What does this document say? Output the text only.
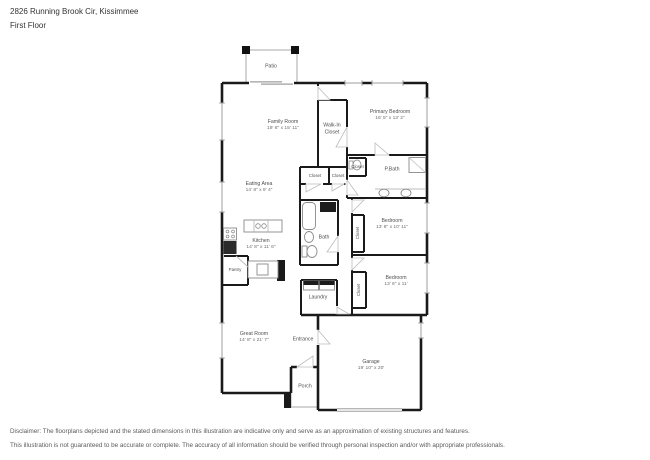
2826 Running Brook Cir, Kissimmee
First Floor
Patio
Family Room
19' 8" x 15' 11"	Walk-In Closet
Primary Bedroom
16' 5" x 13' 2"
Closet Closet
Eating Area
14' 8" x 9' 4"
P.Bath
Closet
Bath	Closet
Bedroom
13' 8" x 10' 11"
Kitchen
14' 8" x 11' 6"
Pantry
Bedroom
13' 6" x 11'
Closet
Laundry
Great Room
14' 8" x 21' 7"	Entrance
Porch
Garage
19' 10" x 20'
Disclaimer: The floorplans depicted and the stated dimensions in this illustration are indicative only and serve as an approximation of existing structures and features.
This illustration is not guaranteed to be accurate or complete. The accuracy of all information should be verified through personal inspection and/or with appropriate professionals.
